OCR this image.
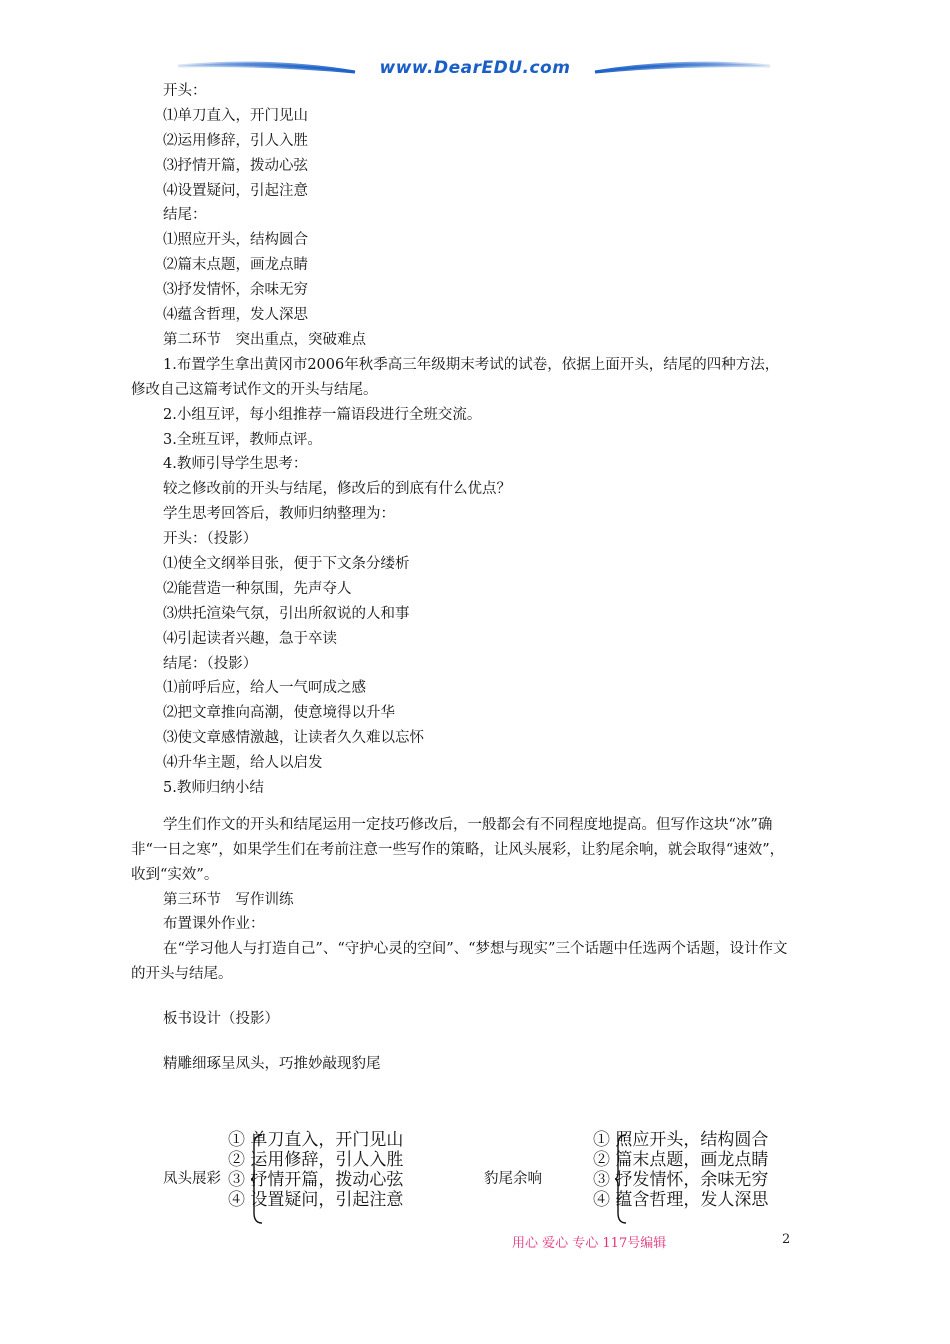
www.DearEDU.com
开头：
⑴单刀直入，开门见山
⑵运用修辞，引人入胜
⑶抒情开篇，拨动心弦
⑷设置疑问，引起注意
结尾：
⑴照应开头，结构圆合
⑵篇末点题，画龙点睛
⑶抒发情怀，余味无穷
⑷蕴含哲理，发人深思
第二环节　突出重点，突破难点
1.布置学生拿出黄冈市2006年秋季高三年级期末考试的试卷，依据上面开头，结尾的四种方法，修改自己这篇考试作文的开头与结尾。
2.小组互评，每小组推荐一篇语段进行全班交流。
3.全班互评，教师点评。
4.教师引导学生思考：
较之修改前的开头与结尾，修改后的到底有什么优点？
学生思考回答后，教师归纳整理为：
开头：（投影）
⑴使全文纲举目张，便于下文条分缕析
⑵能营造一种氛围，先声夺人
⑶烘托渲染气氛，引出所叙说的人和事
⑷引起读者兴趣，急于卒读
结尾：（投影）
⑴前呼后应，给人一气呵成之感
⑵把文章推向高潮，使意境得以升华
⑶使文章感情激越，让读者久久难以忘怀
⑷升华主题，给人以启发
5.教师归纳小结
学生们作文的开头和结尾运用一定技巧修改后，一般都会有不同程度地提高。但写作这块“冰”确非“一日之寒”，如果学生们在考前注意一些写作的策略，让风头展彩，让豹尾余响，就会取得“速效”，收到“实效”。
第三环节　写作训练
布置课外作业：
在“学习他人与打造自己”、“守护心灵的空间”、“梦想与现实”三个话题中任选两个话题，设计作文的开头与结尾。
板书设计（投影）
精雕细琢呈凤头，巧推妙敲现豹尾
凤头展彩
① 单刀直入，开门见山
② 运用修辞，引人入胜
③ 抒情开篇，拨动心弦
④ 设置疑问，引起注意
豹尾余响
① 照应开头，结构圆合
② 篇末点题，画龙点睛
③ 抒发情怀，余味无穷
④ 蕴含哲理，发人深思
用心 爱心 专心 117号编辑	2
